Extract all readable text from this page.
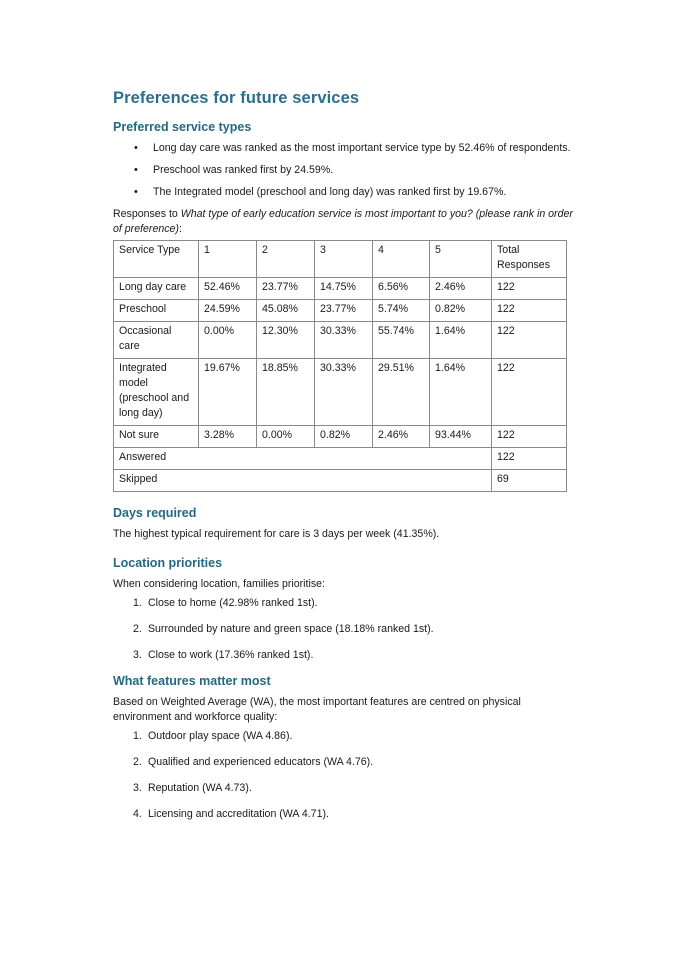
Preferences for future services
Preferred service types
• Long day care was ranked as the most important service type by 52.46% of respondents.
• Preschool was ranked first by 24.59%.
• The Integrated model (preschool and long day) was ranked first by 19.67%.

Responses to What type of early education service is most important to you? (please rank in order of preference):

Service Type	1	2	3	4	5	Total Responses
Long day care	52.46%	23.77%	14.75%	6.56%	2.46%	122
Preschool	24.59%	45.08%	23.77%	5.74%	0.82%	122
Occasional care	0.00%	12.30%	30.33%	55.74%	1.64%	122
Integrated model (preschool and long day)	19.67%	18.85%	30.33%	29.51%	1.64%	122
Not sure	3.28%	0.00%	0.82%	2.46%	93.44%	122
Answered						122
Skipped						69
Days required

The highest typical requirement for care is 3 days per week (41.35%).

Location priorities

When considering location, families prioritise:

1. Close to home (42.98% ranked 1st).
2. Surrounded by nature and green space (18.18% ranked 1st).
3. Close to work (17.36% ranked 1st).
What features matter most

Based on Weighted Average (WA), the most important features are centred on physical environment and workforce quality:

1. Outdoor play space (WA 4.86).
2. Qualified and experienced educators (WA 4.76).
3. Reputation (WA 4.73).
4. Licensing and accreditation (WA 4.71).
